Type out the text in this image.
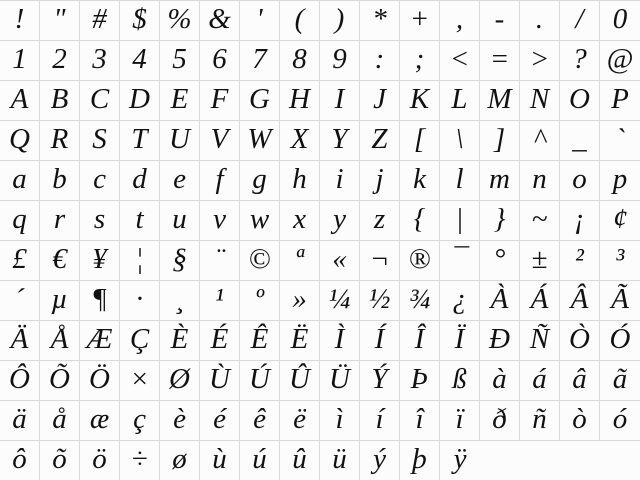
! " # $ % & ' ( ) * + , - . / 0
1 2 3 4 5 6 7 8 9 : ; < = > ? @
A B C D E F G H I J K L M N O P
Q R S T U V W X Y Z [ \ ] ^ _ `
a b c d e f g h i j k l m n o p
q r s t u v w x y z { | } ~ ¡ ¢
£ € ¥ ¦ § ¨ © ª « ¬ ® ¯ ° ± ² ³
´ µ ¶ · ¸ ¹ º » ¼ ½ ¾ ¿ À Á Â Ã
Ä Å Æ Ç È É Ê Ë Ì Í Î Ï Ð Ñ Ò Ó
Ô Õ Ö × Ø Ù Ú Û Ü Ý Þ ß à á â ã
ä å æ ç è é ê ë ì í î ï ð ñ ò ó
ô õ ö ÷ ø ù ú û ü ý þ ÿ
